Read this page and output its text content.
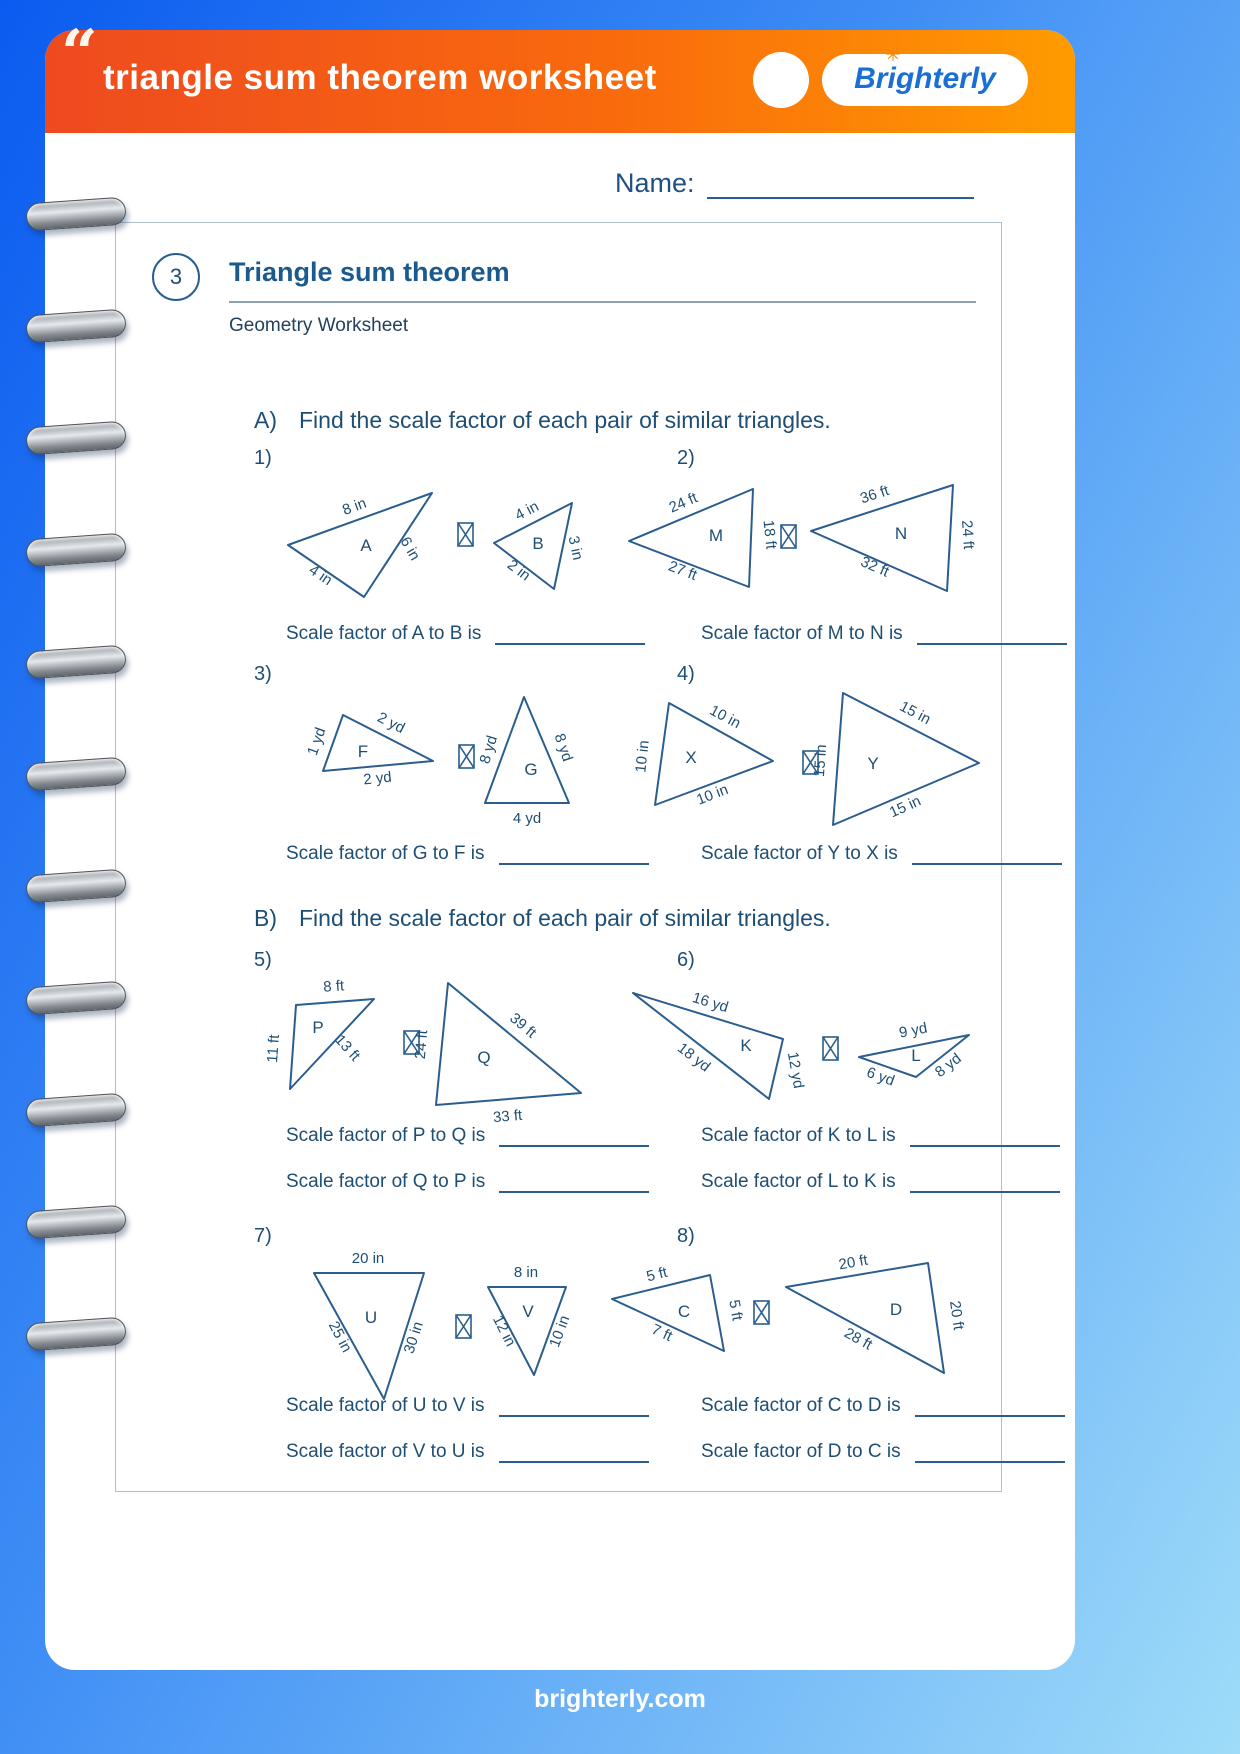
“ triangle sum theorem worksheet	Brighterly
✳
Name:
3	Triangle sum theorem
Geometry Worksheet
A) Find the scale factor of each pair of similar triangles.
1)	2)
8 in
6 in
4 in
A
4 in
3 in
2 in
B
24 ft
18 ft
27 ft
M
36 ft
24 ft
32 ft
N
Scale factor of A to B is	Scale factor of M to N is
3)	4)
2 yd
1 yd
2 yd
F	8 yd	8 yd
4 yd
G	10 in
10 in
10 in
X	15 in
15 in
15 in
Y
Scale factor of G to F is	Scale factor of Y to X is
B) Find the scale factor of each pair of similar triangles.
5)	6)
8 ft
11 ft	13 ft
P
24 ft
39 ft
33 ft
Q
16 yd
18 yd	12 yd
K
9 yd
6 yd 8 yd
L
Scale factor of P to Q is	Scale factor of K to L is
Scale factor of Q to P is	Scale factor of L to K is
7)	8)
20 in
25 in	30 in
U
8 in
12 in 10 in
V
5 ft
5 ft
7 ft
C
20 ft
20 ft
28 ft
D
Scale factor of U to V is	Scale factor of C to D is
Scale factor of V to U is	Scale factor of D to C is
brighterly.com
